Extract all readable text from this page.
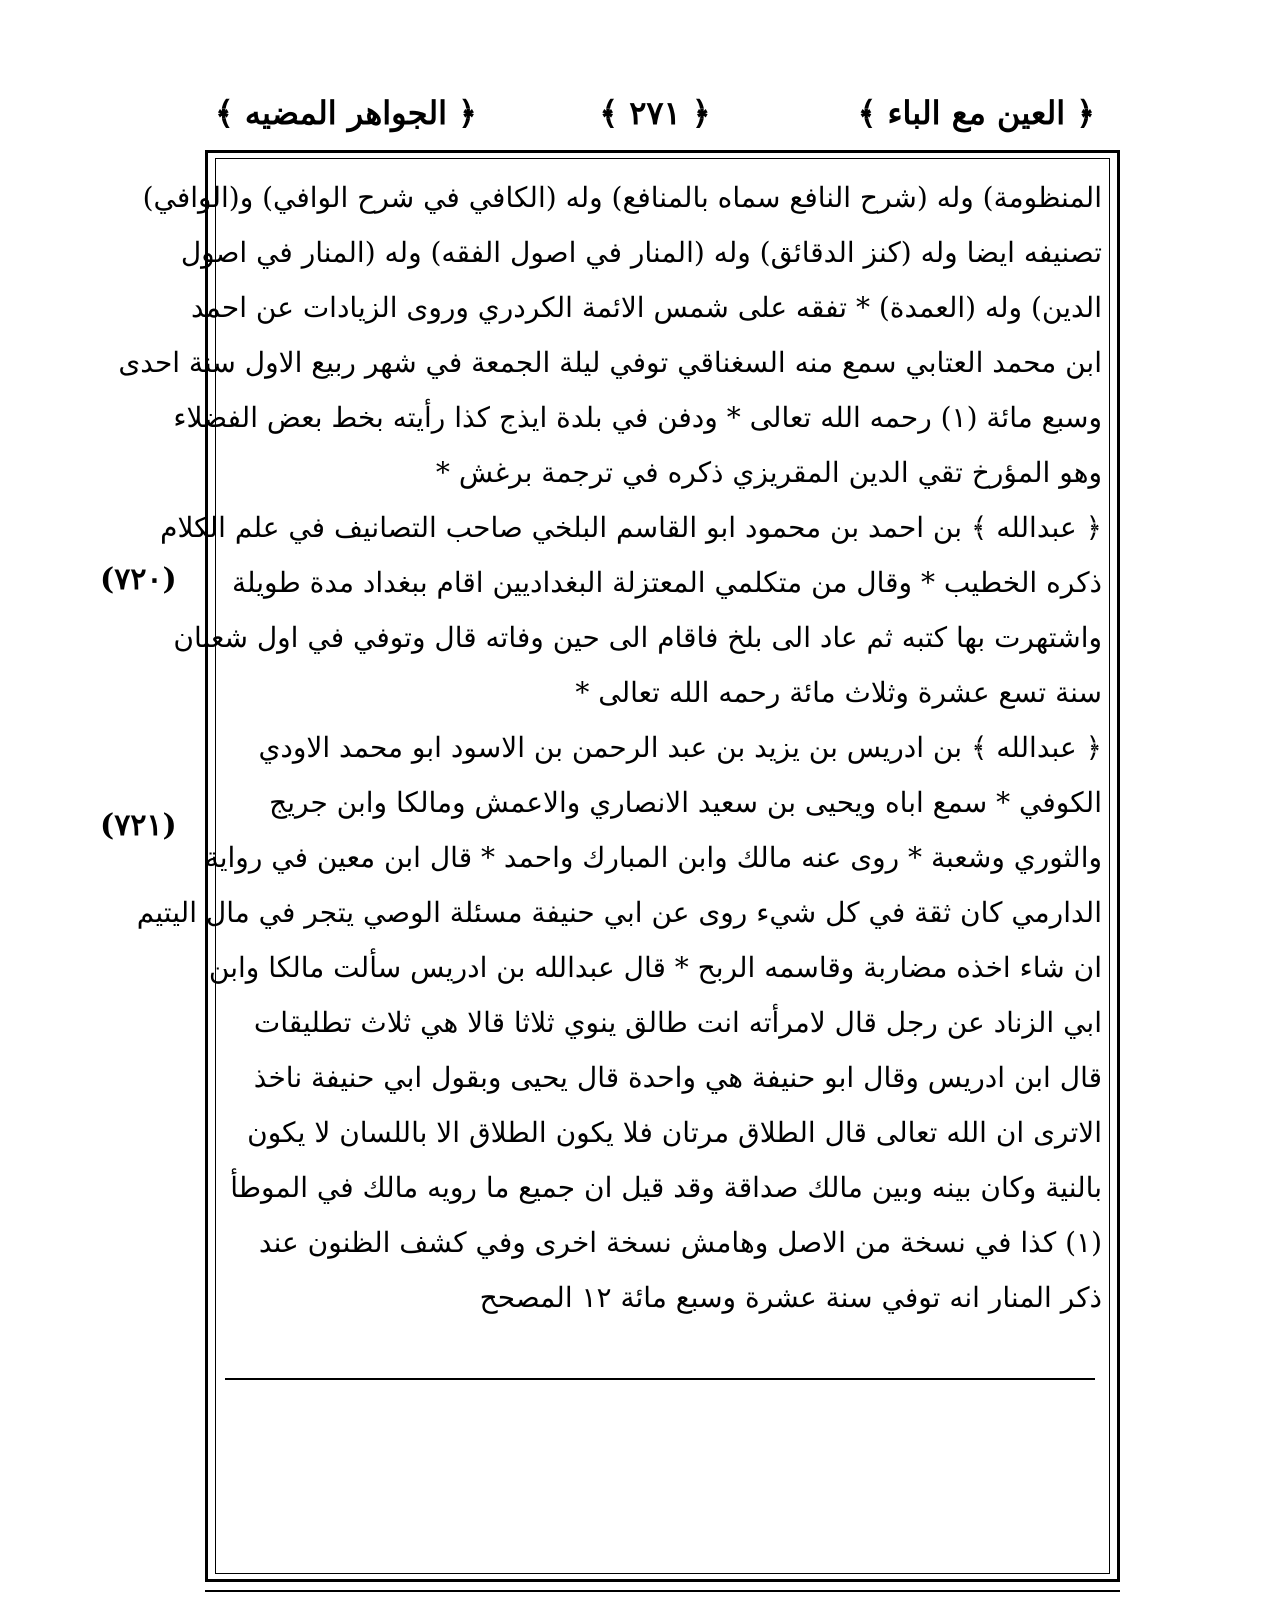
﴿ العين مع الباء ﴾
﴿ ٢٧١ ﴾
﴿ الجواهر المضيه ﴾
(٧٢٠)
(٧٢١)
المنظومة) وله (شرح النافع سماه بالمنافع) وله (الكافي في شرح الوافي) و(الوافي)
تصنيفه ايضا وله (كنز الدقائق) وله (المنار في اصول الفقه) وله (المنار في اصول
الدين) وله (العمدة) * تفقه على شمس الائمة الكردري وروى الزيادات عن احمد
ابن محمد العتابي سمع منه السغناقي توفي ليلة الجمعة في شهر ربيع الاول سنة احدى
وسبع مائة (١) رحمه الله تعالى * ودفن في بلدة ايذج كذا رأيته بخط بعض الفضلاء
وهو المؤرخ تقي الدين المقريزي ذكره في ترجمة برغش *
﴿ عبدالله ﴾ بن احمد بن محمود ابو القاسم البلخي صاحب التصانيف في علم الكلام
ذكره الخطيب * وقال من متكلمي المعتزلة البغداديين اقام ببغداد مدة طويلة
واشتهرت بها كتبه ثم عاد الى بلخ فاقام الى حين وفاته قال وتوفي في اول شعبان
سنة تسع عشرة وثلاث مائة رحمه الله تعالى *
﴿ عبدالله ﴾ بن ادريس بن يزيد بن عبد الرحمن بن الاسود ابو محمد الاودي
الكوفي * سمع اباه ويحيى بن سعيد الانصاري والاعمش ومالكا وابن جريج
والثوري وشعبة * روى عنه مالك وابن المبارك واحمد * قال ابن معين في رواية
الدارمي كان ثقة في كل شيء روى عن ابي حنيفة مسئلة الوصي يتجر في مال اليتيم
ان شاء اخذه مضاربة وقاسمه الربح * قال عبدالله بن ادريس سألت مالكا وابن
ابي الزناد عن رجل قال لامرأته انت طالق ينوي ثلاثا قالا هي ثلاث تطليقات
قال ابن ادريس وقال ابو حنيفة هي واحدة قال يحيى وبقول ابي حنيفة ناخذ
الاترى ان الله تعالى قال الطلاق مرتان فلا يكون الطلاق الا باللسان لا يكون
بالنية وكان بينه وبين مالك صداقة وقد قيل ان جميع ما رويه مالك في الموطأ
(١) كذا في نسخة من الاصل وهامش نسخة اخرى وفي كشف الظنون عند
ذكر المنار انه توفي سنة عشرة وسبع مائة ١٢ المصحح
